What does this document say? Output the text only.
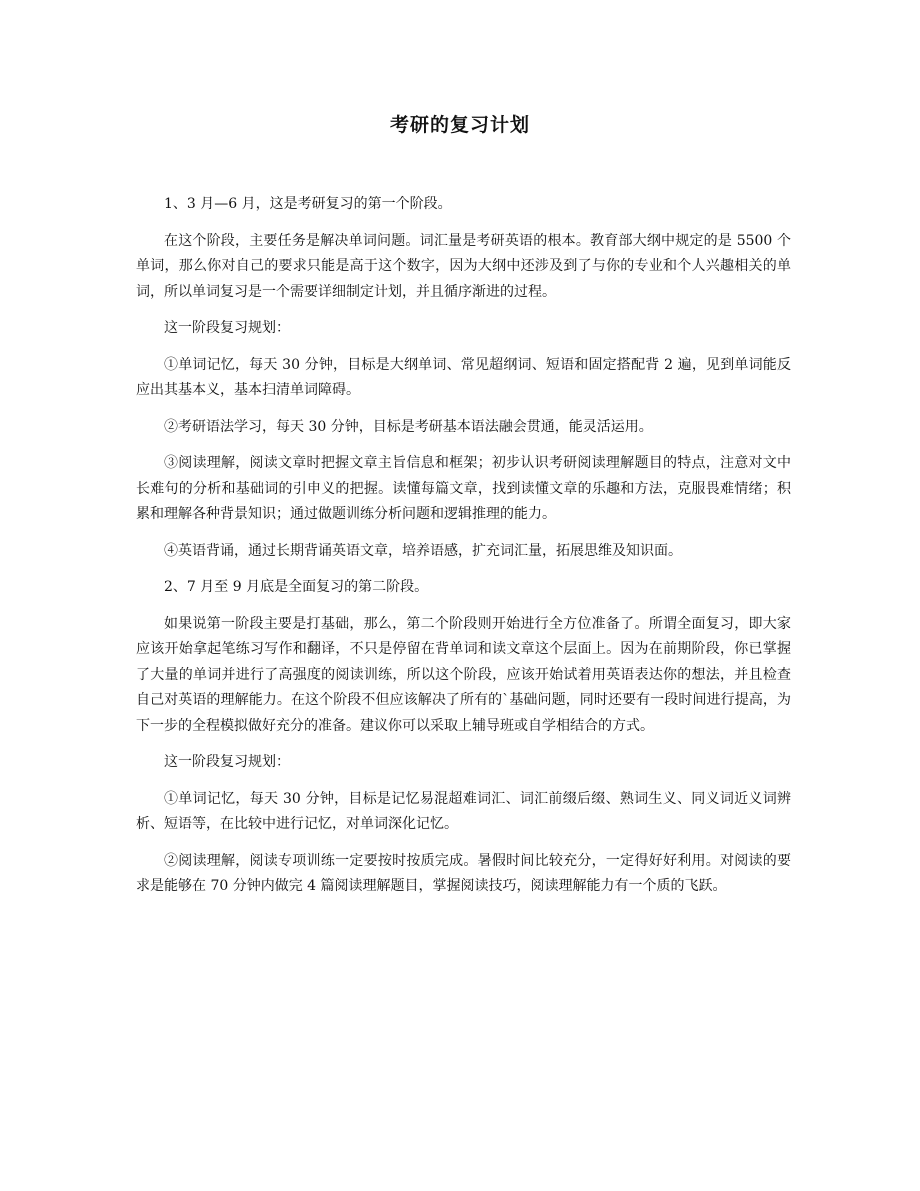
考研的复习计划

1、3 月—6 月，这是考研复习的第一个阶段。

在这个阶段，主要任务是解决单词问题。词汇量是考研英语的根本。教育部大纲中规定的是 5500 个单词，那么你对自己的要求只能是高于这个数字，因为大纲中还涉及到了与你的专业和个人兴趣相关的单词，所以单词复习是一个需要详细制定计划，并且循序渐进的过程。

这一阶段复习规划：

①单词记忆，每天 30 分钟，目标是大纲单词、常见超纲词、短语和固定搭配背 2 遍，见到单词能反应出其基本义，基本扫清单词障碍。

②考研语法学习，每天 30 分钟，目标是考研基本语法融会贯通，能灵活运用。

③阅读理解，阅读文章时把握文章主旨信息和框架；初步认识考研阅读理解题目的特点，注意对文中长难句的分析和基础词的引申义的把握。读懂每篇文章，找到读懂文章的乐趣和方法，克服畏难情绪；积累和理解各种背景知识；通过做题训练分析问题和逻辑推理的能力。

④英语背诵，通过长期背诵英语文章，培养语感，扩充词汇量，拓展思维及知识面。

2、7 月至 9 月底是全面复习的第二阶段。

如果说第一阶段主要是打基础，那么，第二个阶段则开始进行全方位准备了。所谓全面复习，即大家应该开始拿起笔练习写作和翻译，不只是停留在背单词和读文章这个层面上。因为在前期阶段，你已掌握了大量的单词并进行了高强度的阅读训练，所以这个阶段，应该开始试着用英语表达你的想法，并且检查自己对英语的理解能力。在这个阶段不但应该解决了所有的`基础问题，同时还要有一段时间进行提高，为下一步的全程模拟做好充分的准备。建议你可以采取上辅导班或自学相结合的方式。

这一阶段复习规划：

①单词记忆，每天 30 分钟，目标是记忆易混超难词汇、词汇前缀后缀、熟词生义、同义词近义词辨析、短语等，在比较中进行记忆，对单词深化记忆。

②阅读理解，阅读专项训练一定要按时按质完成。暑假时间比较充分，一定得好好利用。对阅读的要求是能够在 70 分钟内做完 4 篇阅读理解题目，掌握阅读技巧，阅读理解能力有一个质的飞跃。
